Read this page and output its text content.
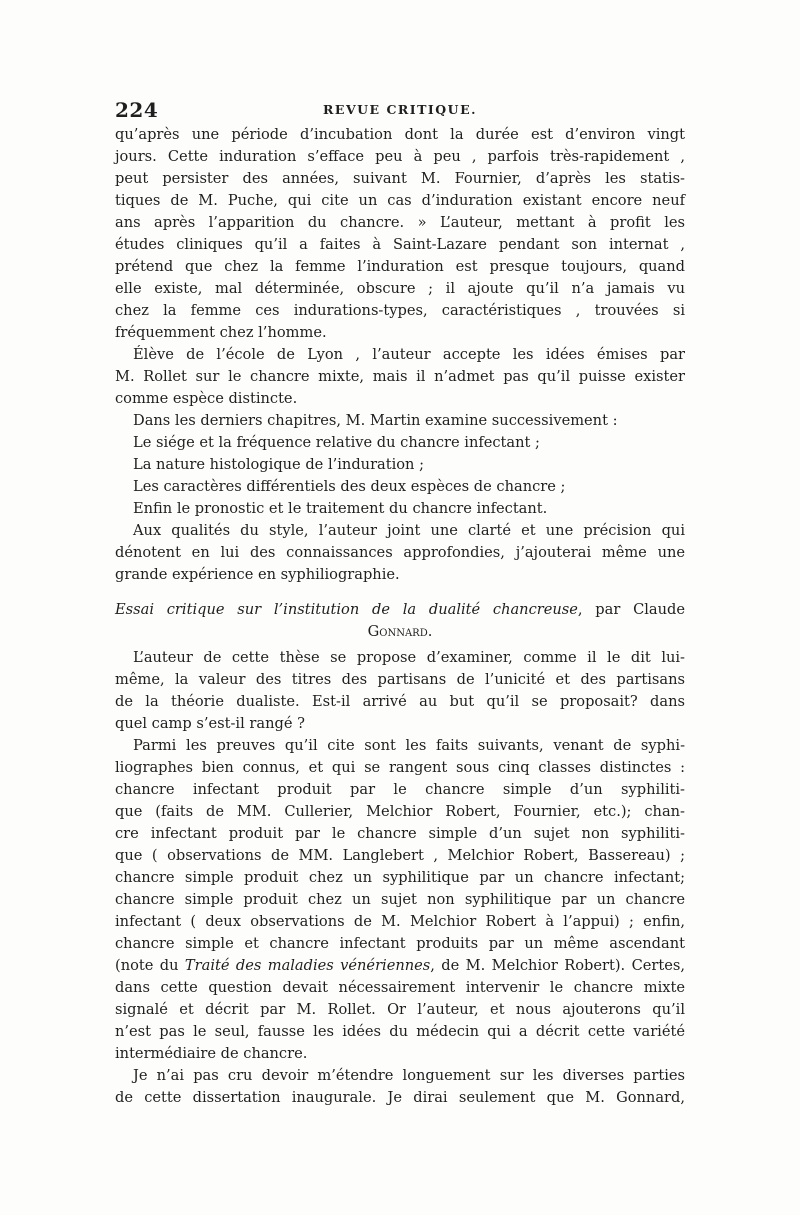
224	REVUE CRITIQUE.
qu’après une période d’incubation dont la durée est d’environ vingt
jours. Cette induration s’efface peu à peu , parfois très-rapidement ,
peut persister des années, suivant M. Fournier, d’après les statis-
tiques de M. Puche, qui cite un cas d’induration existant encore neuf
ans après l’apparition du chancre. » L’auteur, mettant à profit les
études cliniques qu’il a faites à Saint-Lazare pendant son internat ,
prétend que chez la femme l’induration est presque toujours, quand
elle existe, mal déterminée, obscure ; il ajoute qu’il n’a jamais vu
chez la femme ces indurations-types, caractéristiques , trouvées si
fréquemment chez l’homme.
Élève de l’école de Lyon , l’auteur accepte les idées émises par
M. Rollet sur le chancre mixte, mais il n’admet pas qu’il puisse exister
comme espèce distincte.
Dans les derniers chapitres, M. Martin examine successivement :
Le siége et la fréquence relative du chancre infectant ;
La nature histologique de l’induration ;
Les caractères différentiels des deux espèces de chancre ;
Enfin le pronostic et le traitement du chancre infectant.
Aux qualités du style, l’auteur joint une clarté et une précision qui
dénotent en lui des connaissances approfondies, j’ajouterai même une
grande expérience en syphiliographie.
Essai critique sur l’institution de la dualité chancreuse, par Claude
Gonnard.
L’auteur de cette thèse se propose d’examiner, comme il le dit lui-
même, la valeur des titres des partisans de l’unicité et des partisans
de la théorie dualiste. Est-il arrivé au but qu’il se proposait? dans
quel camp s’est-il rangé ?
Parmi les preuves qu’il cite sont les faits suivants, venant de syphi-
liographes bien connus, et qui se rangent sous cinq classes distinctes :
chancre infectant produit par le chancre simple d’un syphiliti-
que (faits de MM. Cullerier, Melchior Robert, Fournier, etc.); chan-
cre infectant produit par le chancre simple d’un sujet non syphiliti-
que ( observations de MM. Langlebert , Melchior Robert, Bassereau) ;
chancre simple produit chez un syphilitique par un chancre infectant;
chancre simple produit chez un sujet non syphilitique par un chancre
infectant ( deux observations de M. Melchior Robert à l’appui) ; enfin,
chancre simple et chancre infectant produits par un même ascendant
(note du Traité des maladies vénériennes, de M. Melchior Robert). Certes,
dans cette question devait nécessairement intervenir le chancre mixte
signalé et décrit par M. Rollet. Or l’auteur, et nous ajouterons qu’il
n’est pas le seul, fausse les idées du médecin qui a décrit cette variété
intermédiaire de chancre.
Je n’ai pas cru devoir m’étendre longuement sur les diverses parties
de cette dissertation inaugurale. Je dirai seulement que M. Gonnard,
